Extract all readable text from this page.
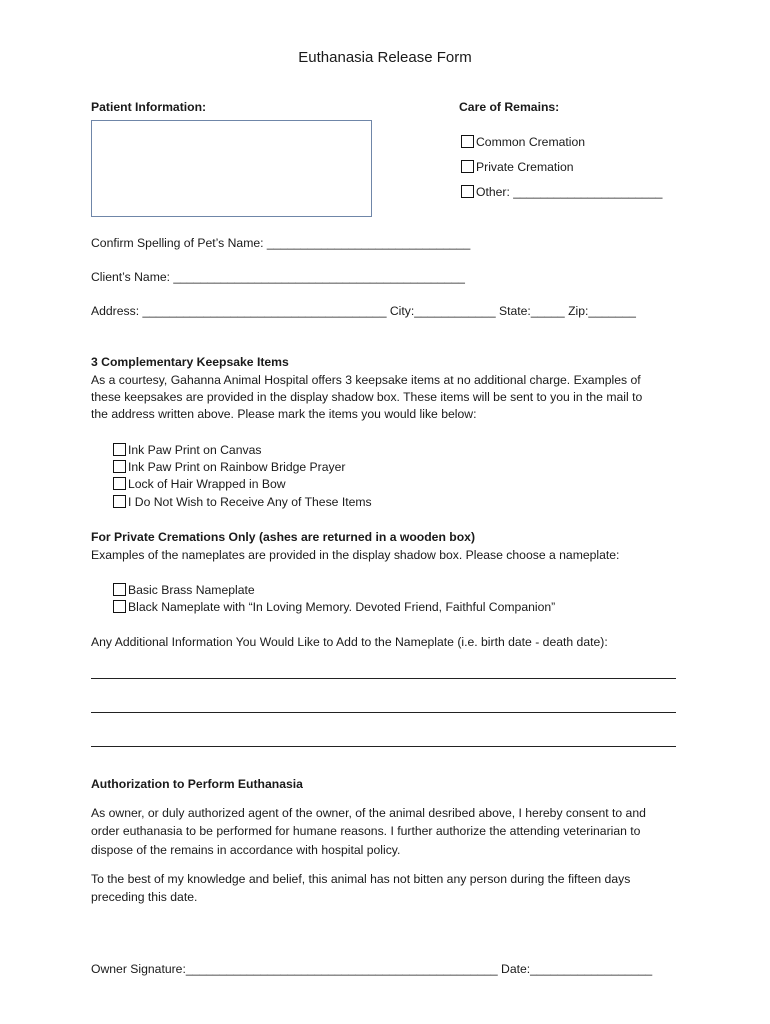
Euthanasia Release Form
Patient Information:	Care of Remains:
Common Cremation
Private Cremation
Other: ______________________
Confirm Spelling of Pet’s Name: ______________________________
Client’s Name: ___________________________________________
Address: ____________________________________ City:____________ State:_____ Zip:_______
3 Complementary Keepsake Items
As a courtesy, Gahanna Animal Hospital offers 3 keepsake items at no additional charge. Examples of
these keepsakes are provided in the display shadow box. These items will be sent to you in the mail to
the address written above. Please mark the items you would like below:
Ink Paw Print on Canvas
Ink Paw Print on Rainbow Bridge Prayer
Lock of Hair Wrapped in Bow
I Do Not Wish to Receive Any of These Items
For Private Cremations Only (ashes are returned in a wooden box)
Examples of the nameplates are provided in the display shadow box. Please choose a nameplate:
Basic Brass Nameplate
Black Nameplate with “In Loving Memory. Devoted Friend, Faithful Companion”
Any Additional Information You Would Like to Add to the Nameplate (i.e. birth date - death date):
Authorization to Perform Euthanasia
As owner, or duly authorized agent of the owner, of the animal desribed above, I hereby consent to and
order euthanasia to be performed for humane reasons. I further authorize the attending veterinarian to
dispose of the remains in accordance with hospital policy.
To the best of my knowledge and belief, this animal has not bitten any person during the fifteen days
preceding this date.
Owner Signature:______________________________________________ Date:__________________
